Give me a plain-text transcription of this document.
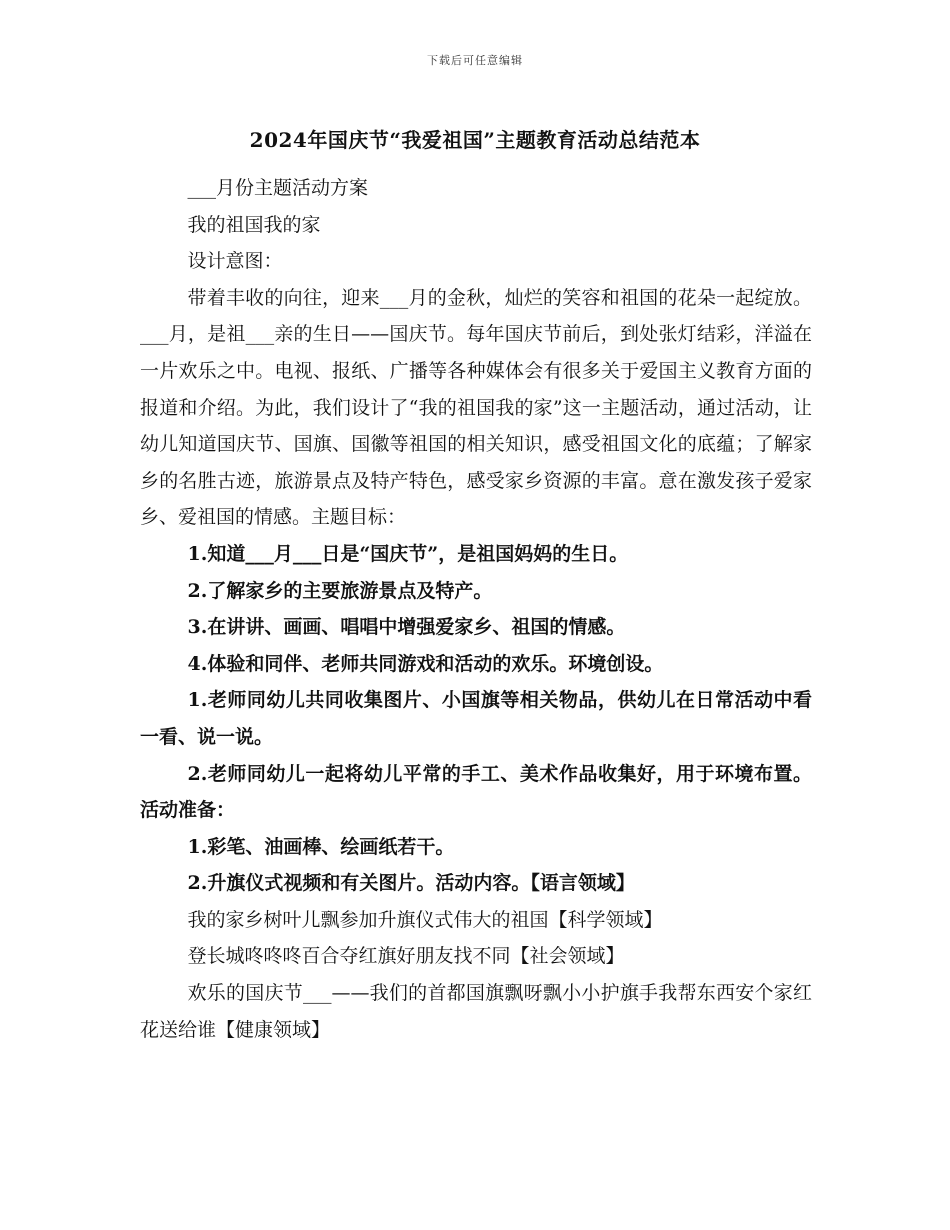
下载后可任意编辑
2024年国庆节“我爱祖国”主题教育活动总结范本

___月份主题活动方案

我的祖国我的家

设计意图：

带着丰收的向往，迎来___月的金秋，灿烂的笑容和祖国的花朵一起绽放。___月，是祖___亲的生日——国庆节。每年国庆节前后，到处张灯结彩，洋溢在一片欢乐之中。电视、报纸、广播等各种媒体会有很多关于爱国主义教育方面的报道和介绍。为此，我们设计了“我的祖国我的家”这一主题活动，通过活动，让幼儿知道国庆节、国旗、国徽等祖国的相关知识，感受祖国文化的底蕴；了解家乡的名胜古迹，旅游景点及特产特色，感受家乡资源的丰富。意在激发孩子爱家乡、爱祖国的情感。主题目标：

1.知道___月___日是“国庆节”，是祖国妈妈的生日。

2.了解家乡的主要旅游景点及特产。

3.在讲讲、画画、唱唱中增强爱家乡、祖国的情感。

4.体验和同伴、老师共同游戏和活动的欢乐。环境创设。

1.老师同幼儿共同收集图片、小国旗等相关物品，供幼儿在日常活动中看一看、说一说。

2.老师同幼儿一起将幼儿平常的手工、美术作品收集好，用于环境布置。活动准备：

1.彩笔、油画棒、绘画纸若干。

2.升旗仪式视频和有关图片。活动内容。【语言领域】

我的家乡树叶儿飘参加升旗仪式伟大的祖国【科学领域】

登长城咚咚咚百合夺红旗好朋友找不同【社会领域】

欢乐的国庆节___——我们的首都国旗飘呀飘小小护旗手我帮东西安个家红花送给谁【健康领域】
